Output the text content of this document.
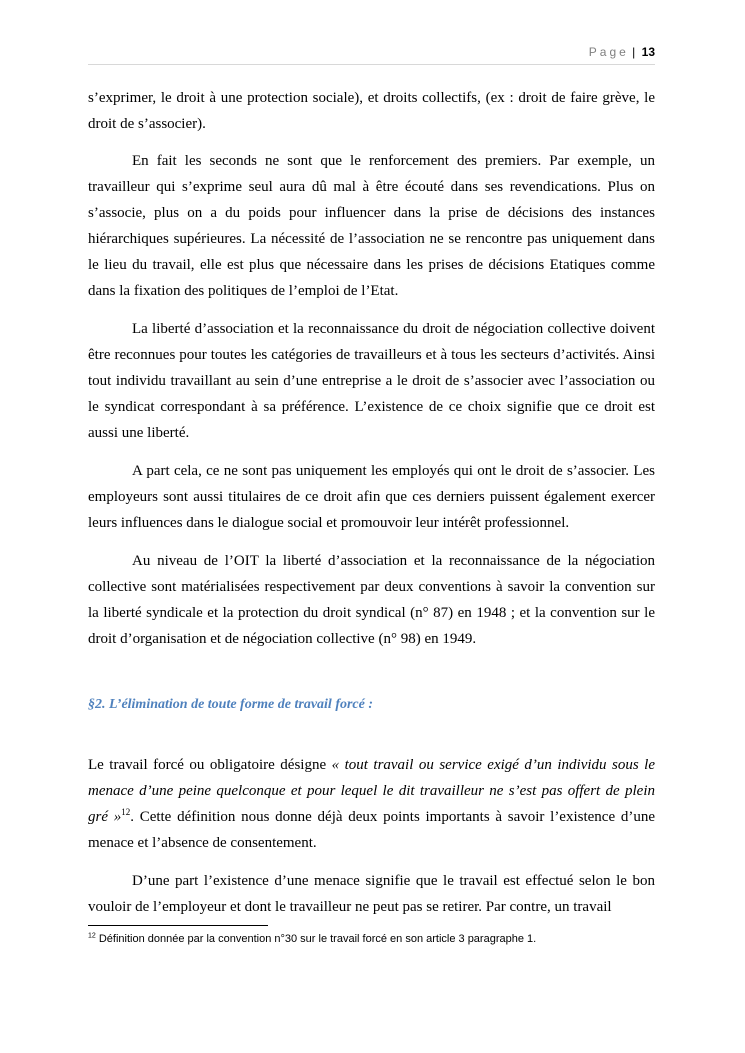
Page | 13

s’exprimer, le droit à une protection sociale), et droits collectifs, (ex : droit de faire grève, le droit de s’associer).

En fait les seconds ne sont que le renforcement des premiers. Par exemple, un travailleur qui s’exprime seul aura dû mal à être écouté dans ses revendications. Plus on s’associe, plus on a du poids pour influencer dans la prise de décisions des instances hiérarchiques supérieures. La nécessité de l’association ne se rencontre pas uniquement dans le lieu du travail, elle est plus que nécessaire dans les prises de décisions Etatiques comme dans la fixation des politiques de l’emploi de l’Etat.

La liberté d’association et la reconnaissance du droit de négociation collective doivent être reconnues pour toutes les catégories de travailleurs et à tous les secteurs d’activités. Ainsi tout individu travaillant au sein d’une entreprise a le droit de s’associer avec l’association ou le syndicat correspondant à sa préférence. L’existence de ce choix signifie que ce droit est aussi une liberté.

A part cela, ce ne sont pas uniquement les employés qui ont le droit de s’associer. Les employeurs sont aussi titulaires de ce droit afin que ces derniers puissent également exercer leurs influences dans le dialogue social et promouvoir leur intérêt professionnel.

Au niveau de l’OIT la liberté d’association et la reconnaissance de la négociation collective sont matérialisées respectivement par deux conventions à savoir la convention sur la liberté syndicale et la protection du droit syndical (n° 87) en 1948 ; et la convention sur le droit d’organisation et de négociation collective (n° 98) en 1949.

§2. L’élimination de toute forme de travail forcé :

Le travail forcé ou obligatoire désigne « tout travail ou service exigé d’un individu sous le menace d’une peine quelconque et pour lequel le dit travailleur ne s’est pas offert de plein gré »$^{12}$. Cette définition nous donne déjà deux points importants à savoir l’existence d’une menace et l’absence de consentement.

D’une part l’existence d’une menace signifie que le travail est effectué selon le bon vouloir de l’employeur et dont le travailleur ne peut pas se retirer. Par contre, un travail

$^{12}$ Définition donnée par la convention n°30 sur le travail forcé en son article 3 paragraphe 1.
